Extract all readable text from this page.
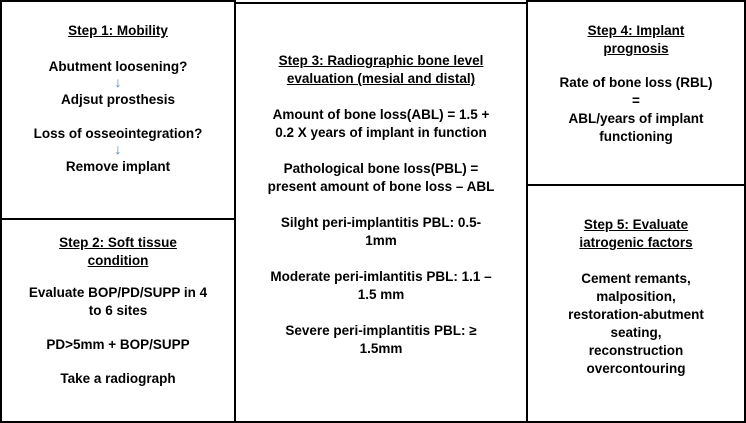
Step 1: Mobility
Abutment loosening?
↓
Adjsut prosthesis
Loss of osseointegration?
↓
Remove implant
Step 2: Soft tissue
condition
Evaluate BOP/PD/SUPP in 4
to 6 sites
PD>5mm + BOP/SUPP
Take a radiograph
Step 3: Radiographic bone level
evaluation (mesial and distal)
Amount of bone loss(ABL) = 1.5 +
0.2 X years of implant in function
Pathological bone loss(PBL) =
present amount of bone loss – ABL
Silght peri-implantitis PBL: 0.5-
1mm
Moderate peri-imlantitis PBL: 1.1 –
1.5 mm
Severe peri-implantitis PBL: ≥
1.5mm
Step 4: Implant
prognosis
Rate of bone loss (RBL)
=
ABL/years of implant
functioning
Step 5: Evaluate
iatrogenic factors
Cement remants,
malposition,
restoration-abutment
seating,
reconstruction
overcontouring
